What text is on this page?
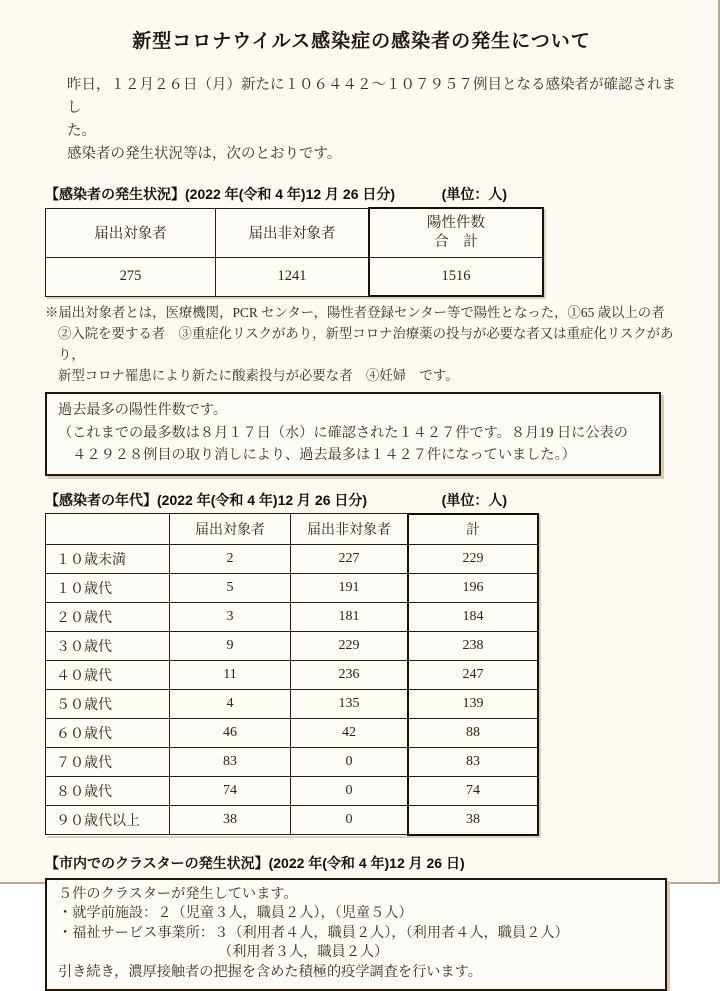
新型コロナウイルス感染症の感染者の発生について
昨日，１２月２６日（月）新たに１０６４４２～１０７９５７例目となる感染者が確認されまし
た。
感染者の発生状況等は，次のとおりです。
【感染者の発生状況】(2022 年(令和 4 年)12 月 26 日分)	(単位：人)
届出対象者	届出非対象者	陽性件数
合　計

275	1241	1516
※届出対象者とは，医療機関，PCR センター，陽性者登録センター等で陽性となった，①65 歳以上の者
②入院を要する者　③重症化リスクがあり，新型コロナ治療薬の投与が必要な者又は重症化リスクがあり，
新型コロナ罹患により新たに酸素投与が必要な者　④妊婦　です。
過去最多の陽性件数です。
（これまでの最多数は８月１７日（水）に確認された１４２７件です。８月19 日に公表の
　４２９２８例目の取り消しにより、過去最多は１４２７件になっていました。）
【感染者の年代】(2022 年(令和 4 年)12 月 26 日分)	(単位：人)
	届出対象者	届出非対象者	計
１０歳未満	2	227	229
１０歳代	5	191	196
２０歳代	3	181	184
３０歳代	9	229	238
４０歳代	11	236	247
５０歳代	4	135	139
６０歳代	46	42	88
７０歳代	83	0	83
８０歳代	74	0	74
９０歳代以上	38	0	38
【市内でのクラスターの発生状況】(2022 年(令和 4 年)12 月 26 日)
５件のクラスターが発生しています。
・就学前施設：２（児童３人，職員２人），（児童５人）
・福祉サービス事業所：３（利用者４人，職員２人），（利用者４人，職員２人）
（利用者３人，職員２人）
引き続き，濃厚接触者の把握を含めた積極的疫学調査を行います。
